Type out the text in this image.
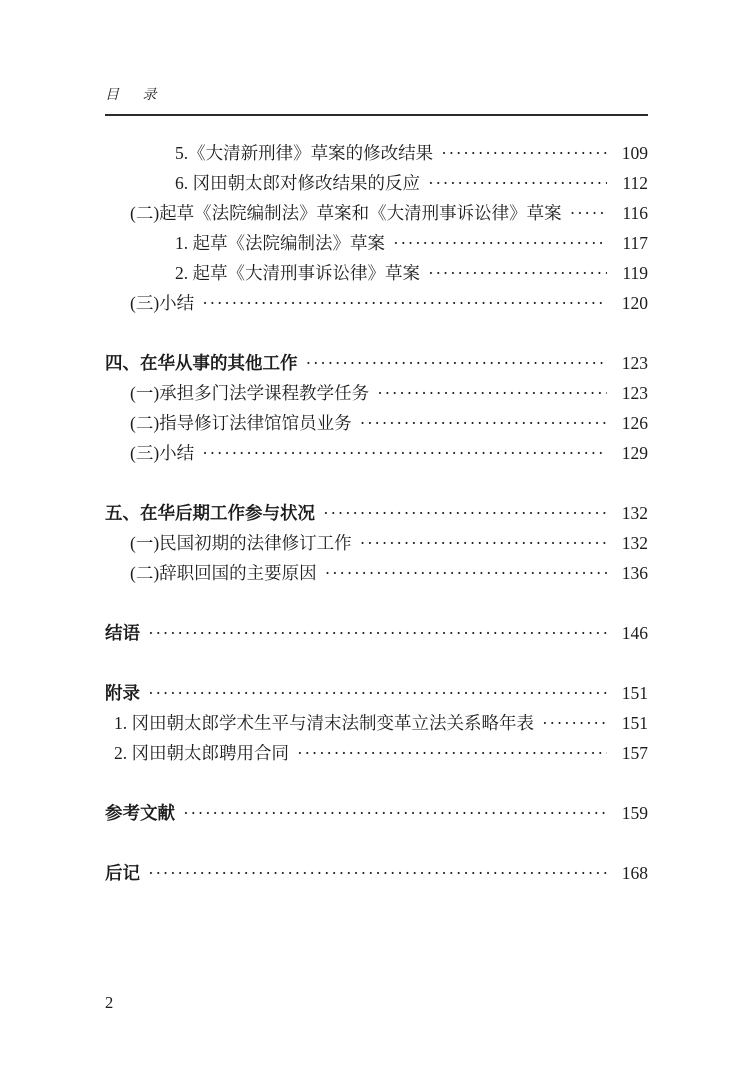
目 录
5.《大清新刑律》草案的修改结果 ·····	109
6. 冈田朝太郎对修改结果的反应 ·····	112
(二)起草《法院编制法》草案和《大清刑事诉讼律》草案 ·····	116
1. 起草《法院编制法》草案 ·····	117
2. 起草《大清刑事诉讼律》草案 ·····	119
(三)小结 ·····	120
四、在华从事的其他工作 ·····	123
(一)承担多门法学课程教学任务 ·····	123
(二)指导修订法律馆馆员业务 ·····	126
(三)小结 ·····	129
五、在华后期工作参与状况 ·····	132
(一)民国初期的法律修订工作 ·····	132
(二)辞职回国的主要原因 ·····	136
结语 ·····	146
附录 ·····	151
1. 冈田朝太郎学术生平与清末法制变革立法关系略年表 ·····	151
2. 冈田朝太郎聘用合同 ·····	157
参考文献 ·····	159
后记 ·····	168
2
